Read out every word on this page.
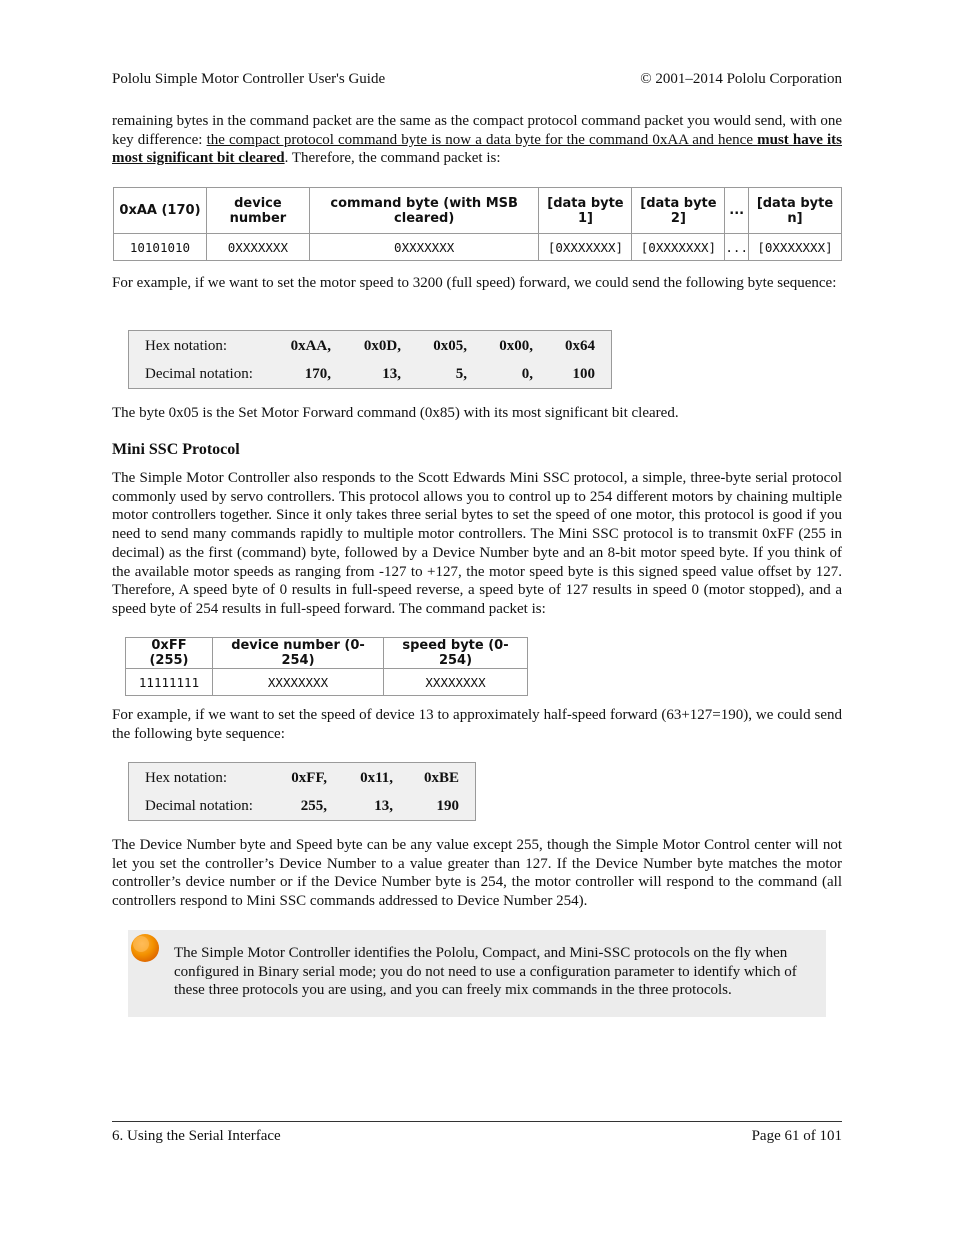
Pololu Simple Motor Controller User's Guide	© 2001–2014 Pololu Corporation

remaining bytes in the command packet are the same as the compact protocol command packet you would send, with one key difference: the compact protocol command byte is now a data byte for the command 0xAA and hence must have its most significant bit cleared. Therefore, the command packet is:

0xAA (170)	device number	command byte (with MSB cleared)	[data byte 1]	[data byte 2]	...	[data byte n]
10101010	0XXXXXXX	0XXXXXXX	[0XXXXXXX]	[0XXXXXXX]	...	[0XXXXXXX]

For example, if we want to set the motor speed to 3200 (full speed) forward, we could send the following byte sequence:

Hex notation:	0xAA, 0x0D, 0x05, 0x00, 0x64
Decimal notation:	170,	13,	5,	0,	100

The byte 0x05 is the Set Motor Forward command (0x85) with its most significant bit cleared.

Mini SSC Protocol

The Simple Motor Controller also responds to the Scott Edwards Mini SSC protocol, a simple, three-byte serial protocol commonly used by servo controllers. This protocol allows you to control up to 254 different motors by chaining multiple motor controllers together. Since it only takes three serial bytes to set the speed of one motor, this protocol is good if you need to send many commands rapidly to multiple motor controllers. The Mini SSC protocol is to transmit 0xFF (255 in decimal) as the first (command) byte, followed by a Device Number byte and an 8-bit motor speed byte. If you think of the available motor speeds as ranging from -127 to +127, the motor speed byte is this signed speed value offset by 127. Therefore, A speed byte of 0 results in full-speed reverse, a speed byte of 127 results in speed 0 (motor stopped), and a speed byte of 254 results in full-speed forward. The command packet is:

0xFF (255)	device number (0-254)	speed byte (0-254)
11111111	XXXXXXXX	XXXXXXXX

For example, if we want to set the speed of device 13 to approximately half-speed forward (63+127=190), we could send the following byte sequence:

Hex notation:	0xFF, 0x11, 0xBE
Decimal notation:	255,	13,	190

The Device Number byte and Speed byte can be any value except 255, though the Simple Motor Control center will not let you set the controller’s Device Number to a value greater than 127. If the Device Number byte matches the motor controller’s device number or if the Device Number byte is 254, the motor controller will respond to the command (all controllers respond to Mini SSC commands addressed to Device Number 254).

The Simple Motor Controller identifies the Pololu, Compact, and Mini-SSC protocols on the fly when configured in Binary serial mode; you do not need to use a configuration parameter to identify which of these three protocols you are using, and you can freely mix commands in the three protocols.

6. Using the Serial Interface	Page 61 of 101
